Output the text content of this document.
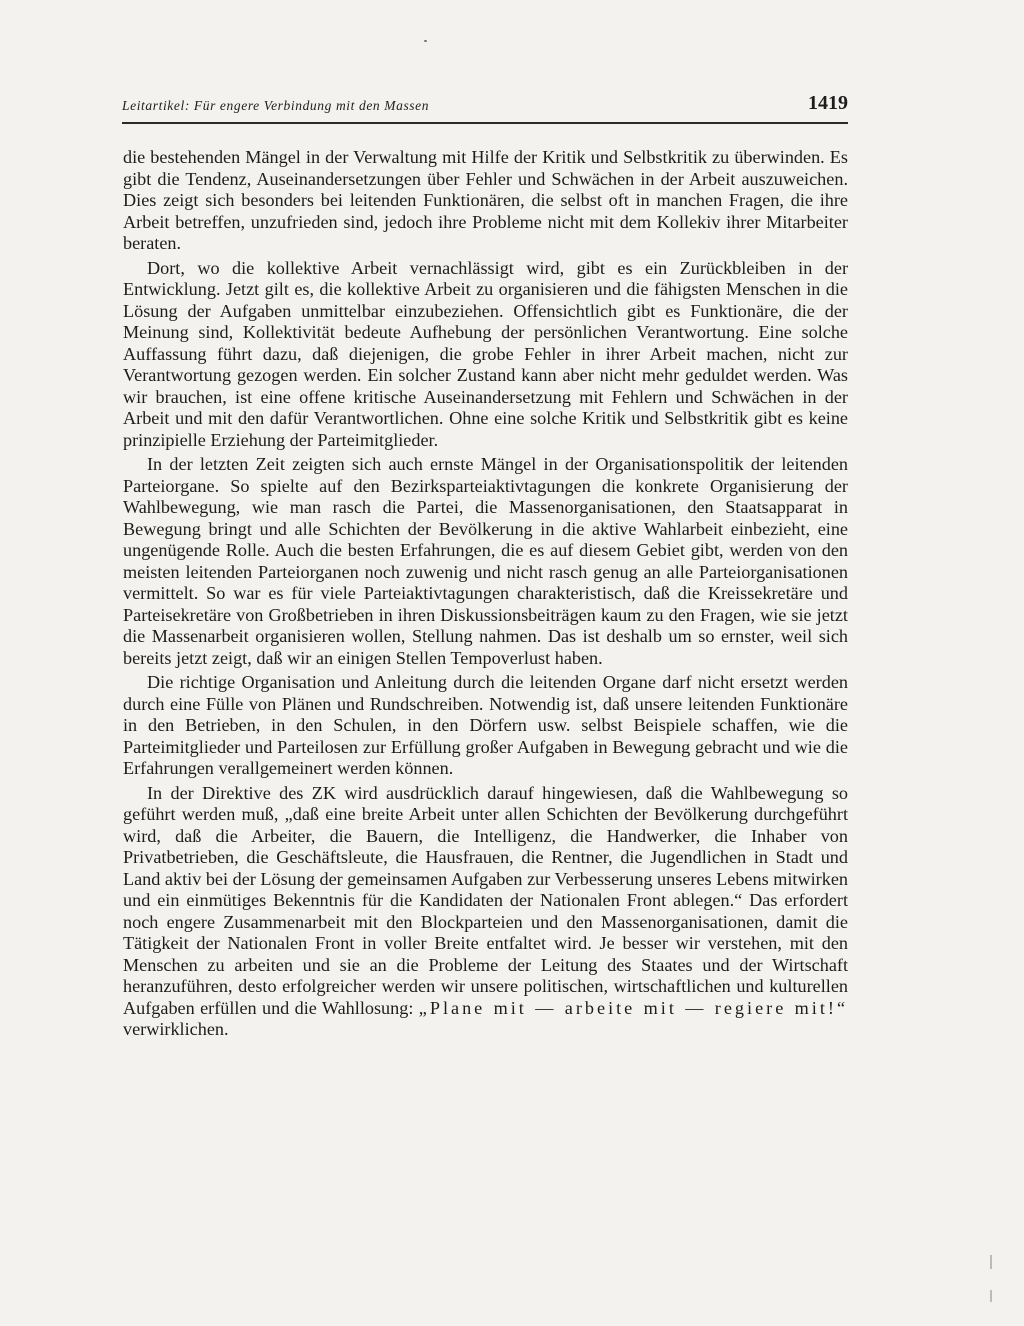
Leitartikel: Für engere Verbindung mit den Massen	1419

die bestehenden Mängel in der Verwaltung mit Hilfe der Kritik und Selbstkritik zu überwinden. Es gibt die Tendenz, Auseinandersetzungen über Fehler und Schwächen in der Arbeit auszuweichen. Dies zeigt sich besonders bei leitenden Funktionären, die selbst oft in manchen Fragen, die ihre Arbeit betreffen, unzufrieden sind, jedoch ihre Probleme nicht mit dem Kollekiv ihrer Mitarbeiter beraten.

Dort, wo die kollektive Arbeit vernachlässigt wird, gibt es ein Zurückbleiben in der Entwicklung. Jetzt gilt es, die kollektive Arbeit zu organisieren und die fähigsten Menschen in die Lösung der Aufgaben unmittelbar einzubeziehen. Offensichtlich gibt es Funktionäre, die der Meinung sind, Kollektivität bedeute Aufhebung der persönlichen Verantwortung. Eine solche Auffassung führt dazu, daß diejenigen, die grobe Fehler in ihrer Arbeit machen, nicht zur Verantwortung gezogen werden. Ein solcher Zustand kann aber nicht mehr geduldet werden. Was wir brauchen, ist eine offene kritische Auseinandersetzung mit Fehlern und Schwächen in der Arbeit und mit den dafür Verantwortlichen. Ohne eine solche Kritik und Selbstkritik gibt es keine prinzipielle Erziehung der Parteimitglieder.

In der letzten Zeit zeigten sich auch ernste Mängel in der Organisationspolitik der leitenden Parteiorgane. So spielte auf den Bezirksparteiaktivtagungen die konkrete Organisierung der Wahlbewegung, wie man rasch die Partei, die Massenorganisationen, den Staatsapparat in Bewegung bringt und alle Schichten der Bevölkerung in die aktive Wahlarbeit einbezieht, eine ungenügende Rolle. Auch die besten Erfahrungen, die es auf diesem Gebiet gibt, werden von den meisten leitenden Parteiorganen noch zuwenig und nicht rasch genug an alle Parteiorganisationen vermittelt. So war es für viele Parteiaktivtagungen charakteristisch, daß die Kreissekretäre und Parteisekretäre von Großbetrieben in ihren Diskussionsbeiträgen kaum zu den Fragen, wie sie jetzt die Massenarbeit organisieren wollen, Stellung nahmen. Das ist deshalb um so ernster, weil sich bereits jetzt zeigt, daß wir an einigen Stellen Tempoverlust haben.

Die richtige Organisation und Anleitung durch die leitenden Organe darf nicht ersetzt werden durch eine Fülle von Plänen und Rundschreiben. Notwendig ist, daß unsere leitenden Funktionäre in den Betrieben, in den Schulen, in den Dörfern usw. selbst Beispiele schaffen, wie die Parteimitglieder und Parteilosen zur Erfüllung großer Aufgaben in Bewegung gebracht und wie die Erfahrungen verallgemeinert werden können.

In der Direktive des ZK wird ausdrücklich darauf hingewiesen, daß die Wahlbewegung so geführt werden muß, „daß eine breite Arbeit unter allen Schichten der Bevölkerung durchgeführt wird, daß die Arbeiter, die Bauern, die Intelligenz, die Handwerker, die Inhaber von Privatbetrieben, die Geschäftsleute, die Hausfrauen, die Rentner, die Jugendlichen in Stadt und Land aktiv bei der Lösung der gemeinsamen Aufgaben zur Verbesserung unseres Lebens mitwirken und ein einmütiges Bekenntnis für die Kandidaten der Nationalen Front ablegen.“ Das erfordert noch engere Zusammenarbeit mit den Blockparteien und den Massenorganisationen, damit die Tätigkeit der Nationalen Front in voller Breite entfaltet wird. Je besser wir verstehen, mit den Menschen zu arbeiten und sie an die Probleme der Leitung des Staates und der Wirtschaft heranzuführen, desto erfolgreicher werden wir unsere politischen, wirtschaftlichen und kulturellen Aufgaben erfüllen und die Wahllosung: „Plane mit — arbeite mit — regiere mit!“ verwirklichen.
